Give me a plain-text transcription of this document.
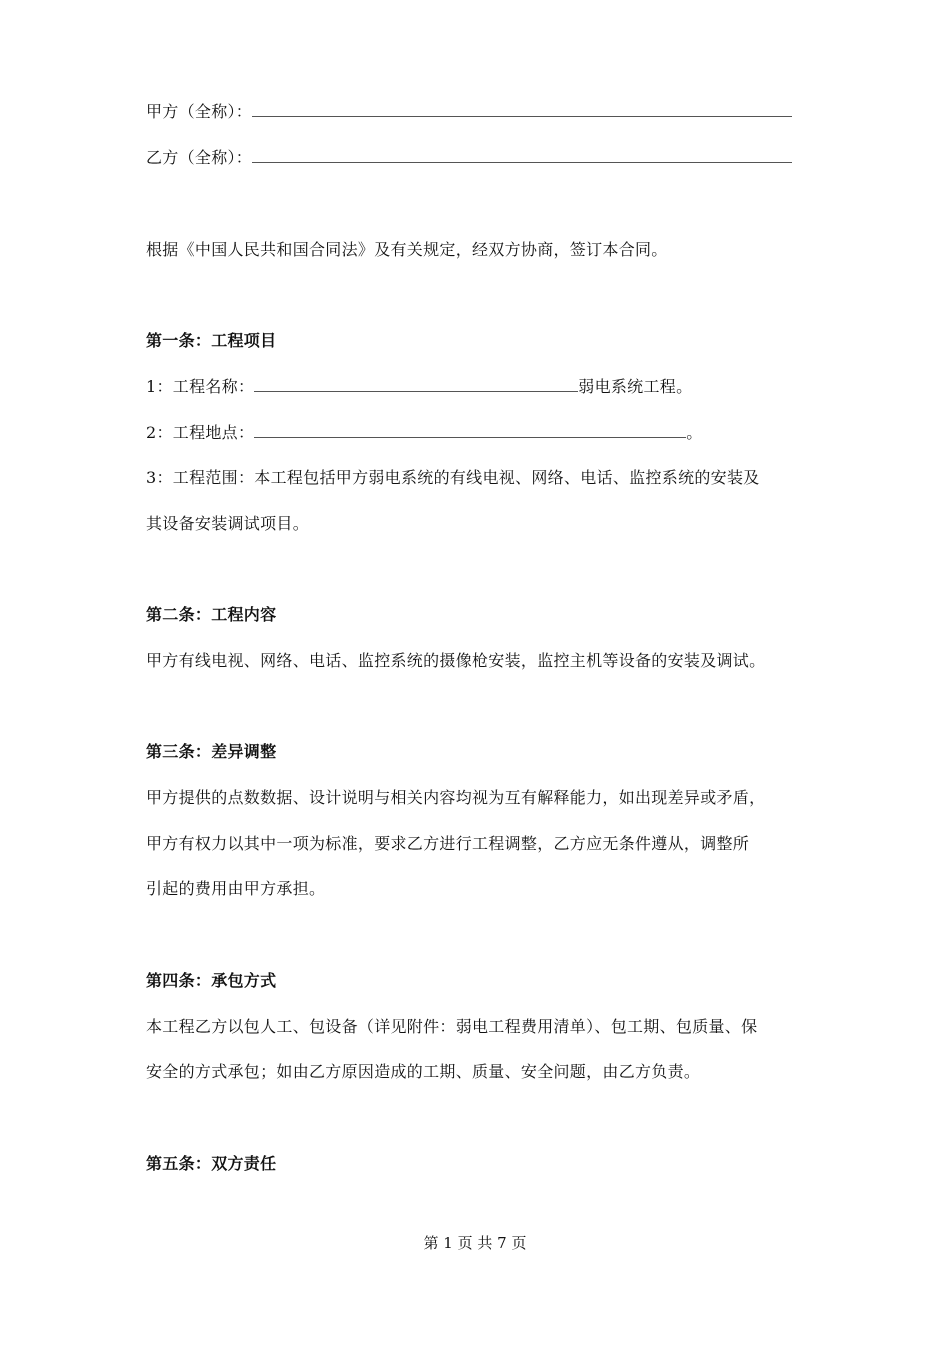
甲方（全称）：
乙方（全称）：
根据《中国人民共和国合同法》及有关规定，经双方协商，签订本合同。
第一条：工程项目
1：工程名称：	弱电系统工程。
2：工程地点：	。
3：工程范围：本工程包括甲方弱电系统的有线电视、网络、电话、监控系统的安装及
其设备安装调试项目。
第二条：工程内容
甲方有线电视、网络、电话、监控系统的摄像枪安装，监控主机等设备的安装及调试。
第三条：差异调整
甲方提供的点数数据、设计说明与相关内容均视为互有解释能力，如出现差异或矛盾，
甲方有权力以其中一项为标准，要求乙方进行工程调整，乙方应无条件遵从，调整所
引起的费用由甲方承担。
第四条：承包方式
本工程乙方以包人工、包设备（详见附件：弱电工程费用清单）、包工期、包质量、保
安全的方式承包；如由乙方原因造成的工期、质量、安全问题，由乙方负责。
第五条：双方责任
第 1 页 共 7 页
